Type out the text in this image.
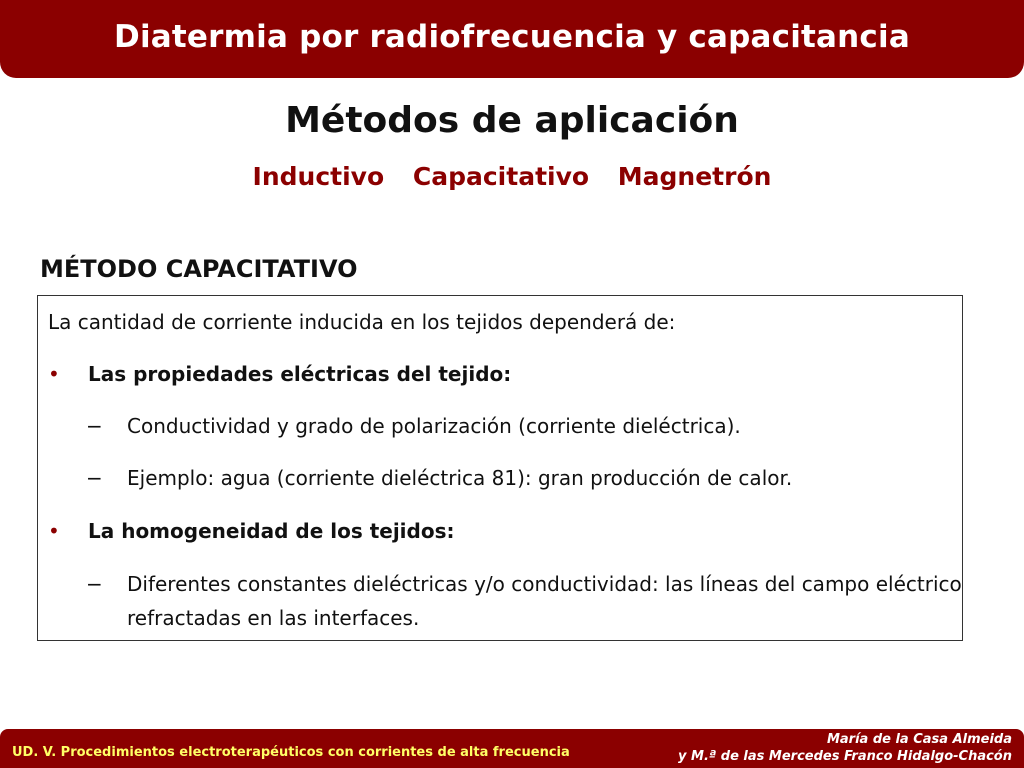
Diatermia por radiofrecuencia y capacitancia
Métodos de aplicación
Inductivo Capacitativo Magnetrón
MÉTODO CAPACITATIVO
La cantidad de corriente inducida en los tejidos dependerá de:
• Las propiedades eléctricas del tejido:
− Conductividad y grado de polarización (corriente dieléctrica).
− Ejemplo: agua (corriente dieléctrica 81): gran producción de calor.
• La homogeneidad de los tejidos:
− Diferentes constantes dieléctricas y/o conductividad: las líneas del campo eléctrico
refractadas en las interfaces.
UD. V. Procedimientos electroterapéuticos con corrientes de alta frecuencia
María de la Casa Almeida
y M.ª de las Mercedes Franco Hidalgo-Chacón
